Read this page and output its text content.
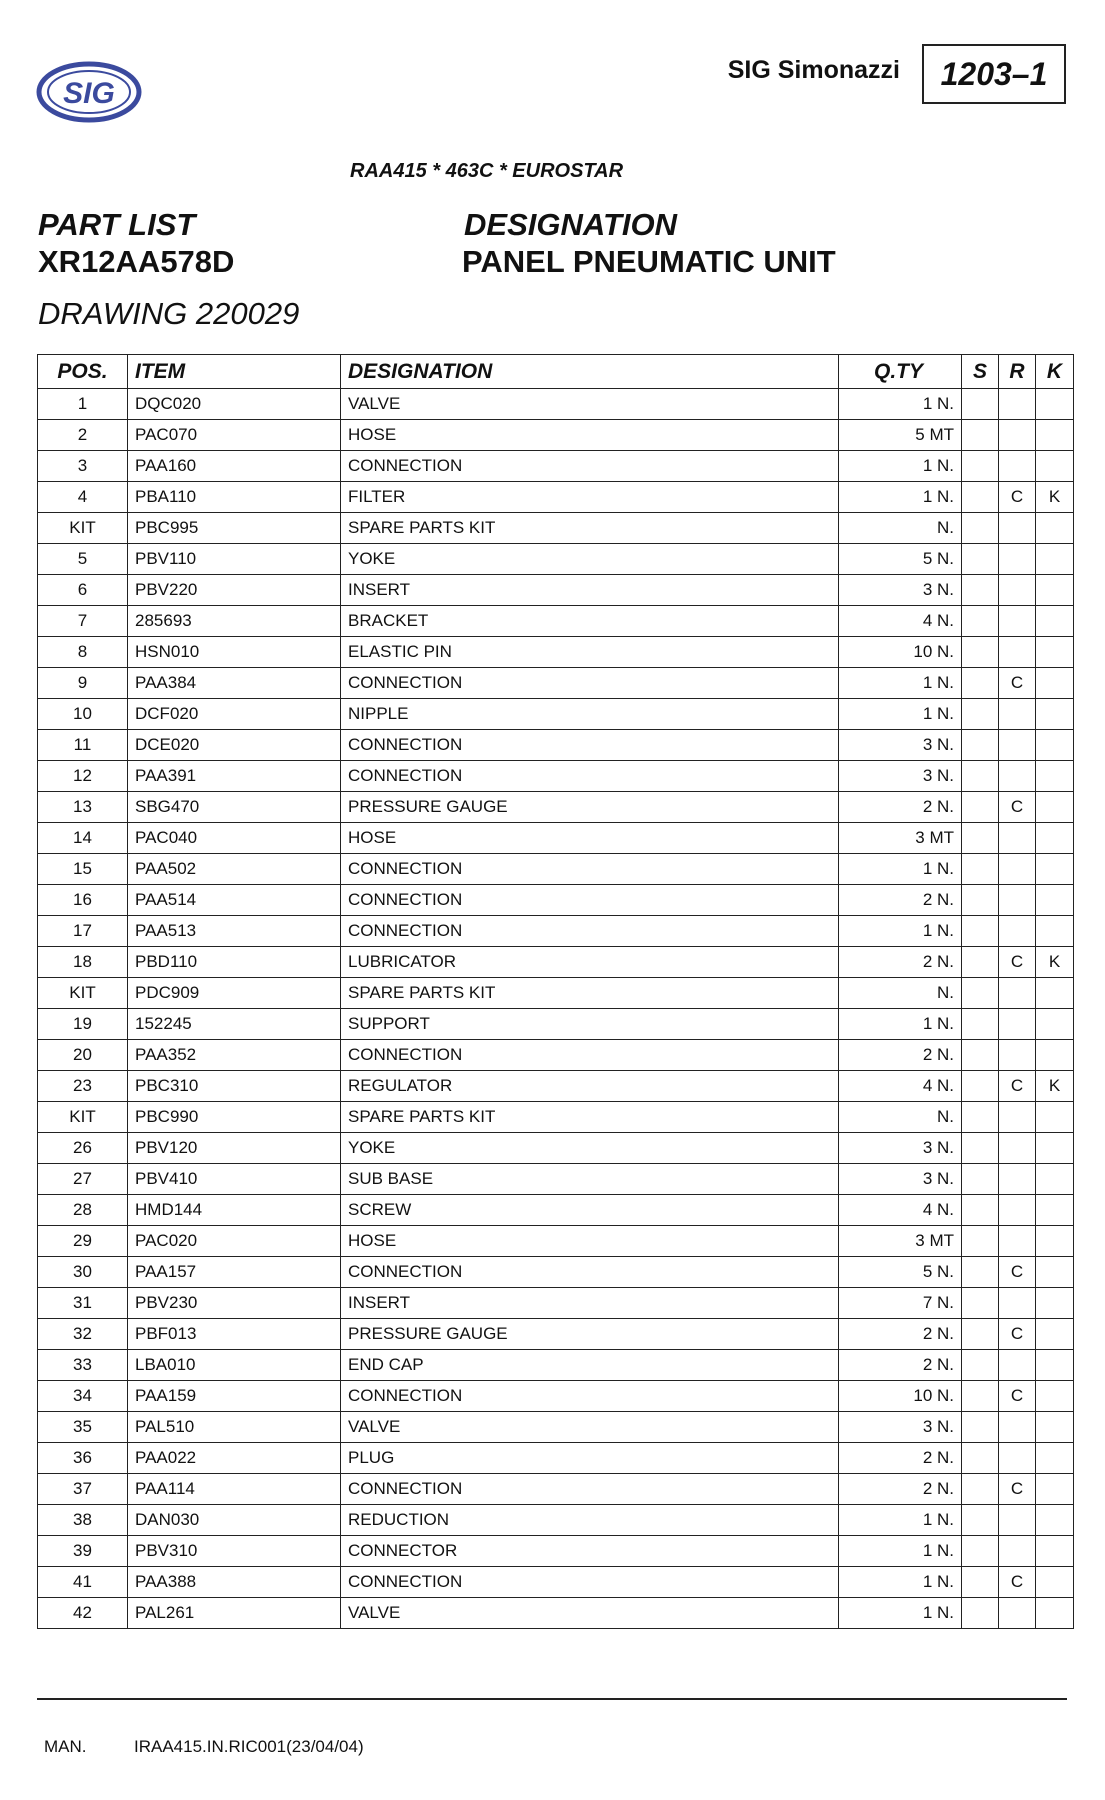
SIG
SIG Simonazzi 1203–1
RAA415 * 463C * EUROSTAR
PART LIST	DESIGNATION
XR12AA578D	PANEL PNEUMATIC UNIT
DRAWING 220029
POS.	ITEM	DESIGNATION	Q.TY	S	R	K
1	DQC020	VALVE	1 N.			
2	PAC070	HOSE	5 MT			
3	PAA160	CONNECTION	1 N.			
4	PBA110	FILTER	1 N.		C	K
KIT	PBC995	SPARE PARTS KIT	N.			
5	PBV110	YOKE	5 N.			
6	PBV220	INSERT	3 N.			
7	285693	BRACKET	4 N.			
8	HSN010	ELASTIC PIN	10 N.			
9	PAA384	CONNECTION	1 N.		C	
10	DCF020	NIPPLE	1 N.			
11	DCE020	CONNECTION	3 N.			
12	PAA391	CONNECTION	3 N.			
13	SBG470	PRESSURE GAUGE	2 N.		C	
14	PAC040	HOSE	3 MT			
15	PAA502	CONNECTION	1 N.			
16	PAA514	CONNECTION	2 N.			
17	PAA513	CONNECTION	1 N.			
18	PBD110	LUBRICATOR	2 N.		C	K
KIT	PDC909	SPARE PARTS KIT	N.			
19	152245	SUPPORT	1 N.			
20	PAA352	CONNECTION	2 N.			
23	PBC310	REGULATOR	4 N.		C	K
KIT	PBC990	SPARE PARTS KIT	N.			
26	PBV120	YOKE	3 N.			
27	PBV410	SUB BASE	3 N.			
28	HMD144	SCREW	4 N.			
29	PAC020	HOSE	3 MT			
30	PAA157	CONNECTION	5 N.		C	
31	PBV230	INSERT	7 N.			
32	PBF013	PRESSURE GAUGE	2 N.		C	
33	LBA010	END CAP	2 N.			
34	PAA159	CONNECTION	10 N.		C	
35	PAL510	VALVE	3 N.			
36	PAA022	PLUG	2 N.			
37	PAA114	CONNECTION	2 N.		C	
38	DAN030	REDUCTION	1 N.			
39	PBV310	CONNECTOR	1 N.			
41	PAA388	CONNECTION	1 N.		C	
42	PAL261	VALVE	1 N.			
MAN.	IRAA415.IN.RIC001(23/04/04)
